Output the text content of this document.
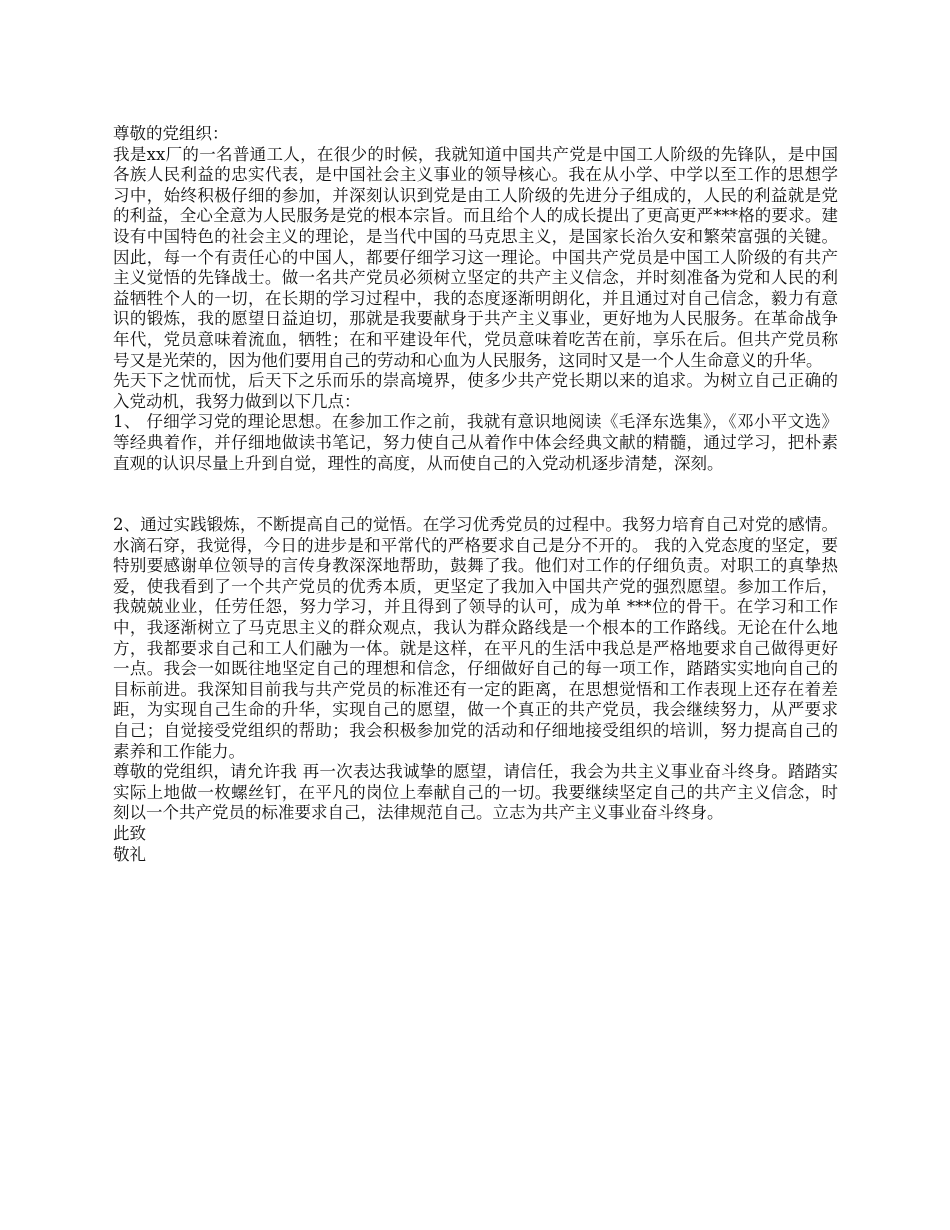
尊敬的党组织：

我是xx厂的一名普通工人，在很少的时候，我就知道中国共产党是中国工人阶级的先锋队，是中国各族人民利益的忠实代表，是中国社会主义事业的领导核心。我在从小学、中学以至工作的思想学习中，始终积极仔细的参加，并深刻认识到党是由工人阶级的先进分子组成的，人民的利益就是党的利益，全心全意为人民服务是党的根本宗旨。而且给个人的成长提出了更高更严***格的要求。建设有中国特色的社会主义的理论，是当代中国的马克思主义，是国家长治久安和繁荣富强的关键。因此，每一个有责任心的中国人，都要仔细学习这一理论。中国共产党员是中国工人阶级的有共产主义觉悟的先锋战士。做一名共产党员必须树立坚定的共产主义信念，并时刻准备为党和人民的利益牺牲个人的一切，在长期的学习过程中，我的态度逐渐明朗化，并且通过对自己信念，毅力有意识的锻炼，我的愿望日益迫切，那就是我要献身于共产主义事业，更好地为人民服务。在革命战争年代，党员意味着流血，牺牲；在和平建设年代，党员意味着吃苦在前，享乐在后。但共产党员称号又是光荣的，因为他们要用自己的劳动和心血为人民服务，这同时又是一个人生命意义的升华。

先天下之忧而忧，后天下之乐而乐的崇高境界，使多少共产党长期以来的追求。为树立自己正确的入党动机，我努力做到以下几点：

1、 仔细学习党的理论思想。在参加工作之前，我就有意识地阅读《毛泽东选集》，《邓小平文选》等经典着作，并仔细地做读书笔记，努力使自己从着作中体会经典文献的精髓，通过学习，把朴素直观的认识尽量上升到自觉，理性的高度，从而使自己的入党动机逐步清楚，深刻。

2、通过实践锻炼，不断提高自己的觉悟。在学习优秀党员的过程中。我努力培育自己对党的感情。水滴石穿，我觉得，今日的进步是和平常代的严格要求自己是分不开的。 我的入党态度的坚定，要特别要感谢单位领导的言传身教深深地帮助，鼓舞了我。他们对工作的仔细负责。对职工的真挚热爱，使我看到了一个共产党员的优秀本质，更坚定了我加入中国共产党的强烈愿望。参加工作后，我兢兢业业，任劳任怨，努力学习，并且得到了领导的认可，成为单 ***位的骨干。在学习和工作中，我逐渐树立了马克思主义的群众观点，我认为群众路线是一个根本的工作路线。无论在什么地方，我都要求自己和工人们融为一体。就是这样，在平凡的生活中我总是严格地要求自己做得更好一点。我会一如既往地坚定自己的理想和信念，仔细做好自己的每一项工作，踏踏实实地向自己的目标前进。我深知目前我与共产党员的标准还有一定的距离，在思想觉悟和工作表现上还存在着差距，为实现自己生命的升华，实现自己的愿望，做一个真正的共产党员，我会继续努力，从严要求自己；自觉接受党组织的帮助；我会积极参加党的活动和仔细地接受组织的培训，努力提高自己的素养和工作能力。

尊敬的党组织，请允许我 再一次表达我诚挚的愿望，请信任，我会为共主义事业奋斗终身。踏踏实实际上地做一枚螺丝钉，在平凡的岗位上奉献自己的一切。我要继续坚定自己的共产主义信念，时刻以一个共产党员的标准要求自己，法律规范自己。立志为共产主义事业奋斗终身。

此致

敬礼
